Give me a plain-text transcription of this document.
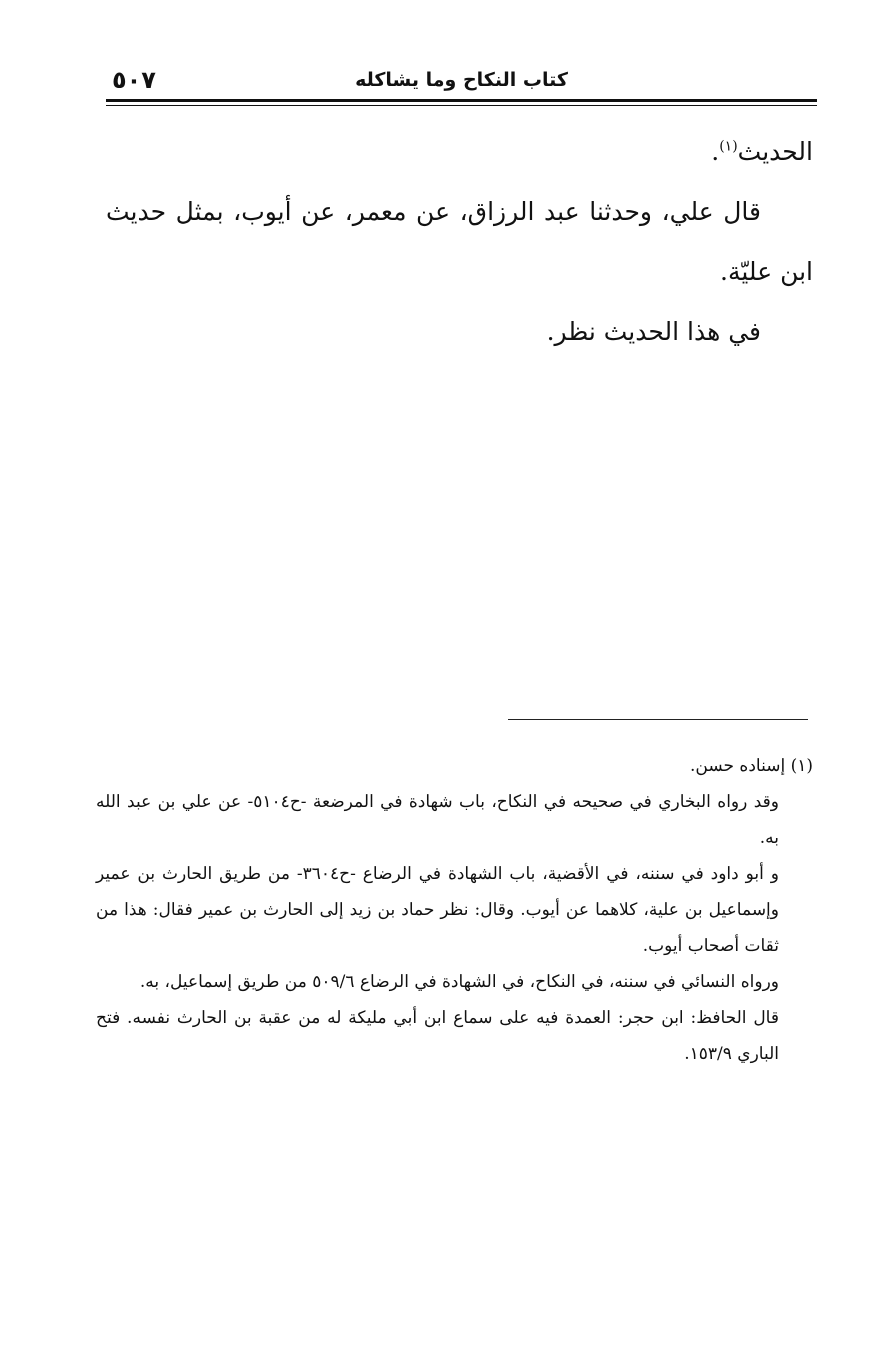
٥٠٧	كتاب النكاح وما يشاكله

الحديث$^{(١)}$.

قال علي، وحدثنا عبد الرزاق، عن معمر، عن أيوب، بمثل حديث ابن عليّة.

في هذا الحديث نظر.

(١) إسناده حسن.

وقد رواه البخاري في صحيحه في النكاح، باب شهادة في المرضعة -ح٥١٠٤- عن علي بن عبد الله به.

و أبو داود في سننه، في الأقضية، باب الشهادة في الرضاع -ح٣٦٠٤- من طريق الحارث بن عمير وإسماعيل بن علية، كلاهما عن أيوب. وقال: نظر حماد بن زيد إلى الحارث بن عمير فقال: هذا من ثقات أصحاب أيوب.

ورواه النسائي في سننه، في النكاح، في الشهادة في الرضاع ٥٠٩/٦ من طريق إسماعيل، به.

قال الحافظ: ابن حجر: العمدة فيه على سماع ابن أبي مليكة له من عقبة بن الحارث نفسه. فتح الباري ١٥٣/٩.
